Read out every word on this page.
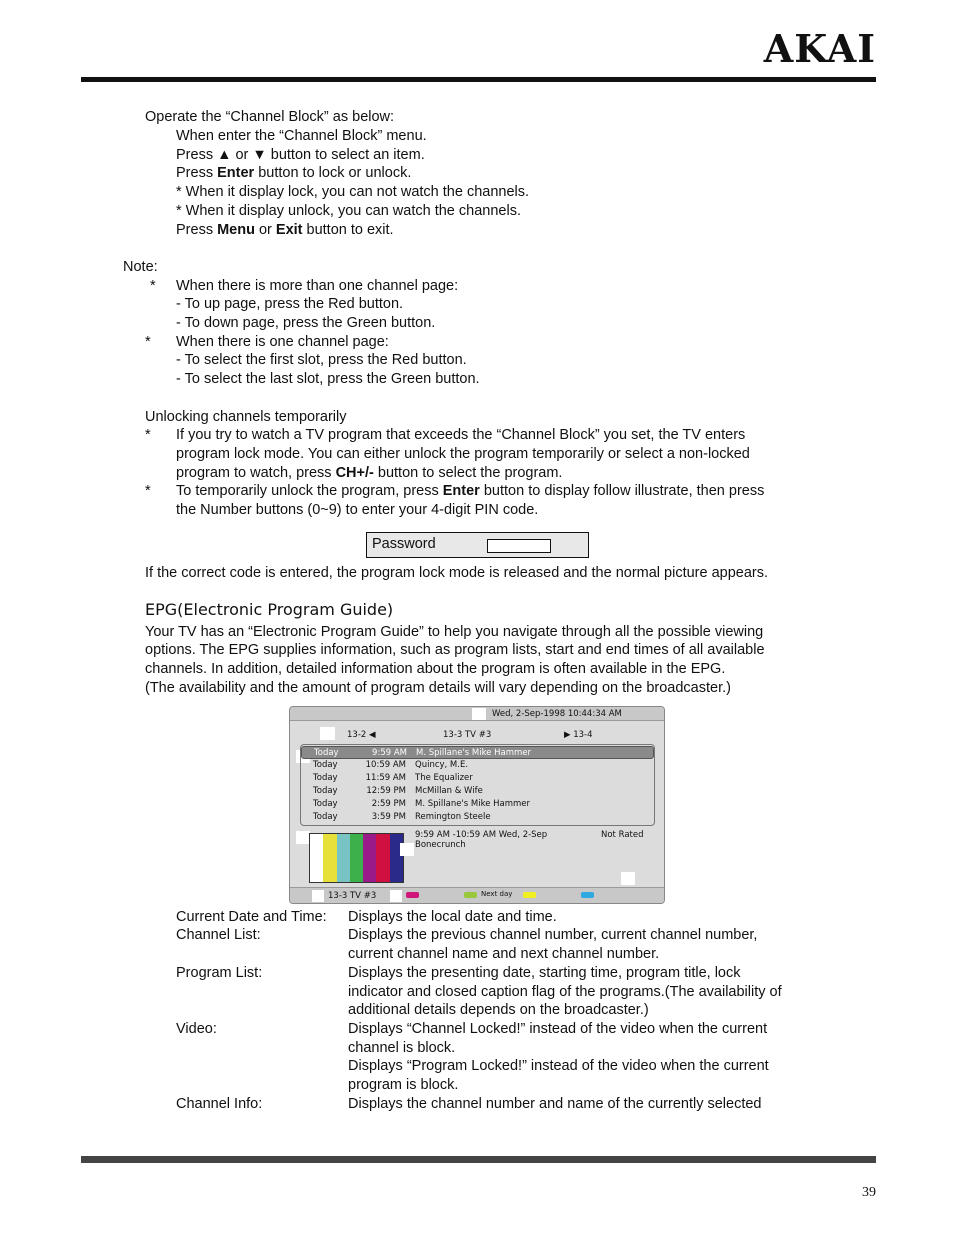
AKAI
Operate the “Channel Block” as below:
When enter the “Channel Block” menu.
Press ▲ or ▼ button to select an item.
Press Enter button to lock or unlock.
* When it display lock, you can not watch the channels.
* When it display unlock, you can watch the channels.
Press Menu or Exit button to exit.
Note:
* When there is more than one channel page:
- To up page, press the Red button.
- To down page, press the Green button.
* When there is one channel page:
- To select the first slot, press the Red button.
- To select the last slot, press the Green button.
Unlocking channels temporarily
* If you try to watch a TV program that exceeds the “Channel Block” you set, the TV enters
program lock mode. You can either unlock the program temporarily or select a non-locked
program to watch, press CH+/- button to select the program.
* To temporarily unlock the program, press Enter button to display follow illustrate, then press
the Number buttons (0~9) to enter your 4-digit PIN code.
Password
If the correct code is entered, the program lock mode is released and the normal picture appears.
EPG(Electronic Program Guide)
Your TV has an “Electronic Program Guide” to help you navigate through all the possible viewing
options. The EPG supplies information, such as program lists, start and end times of all available
channels. In addition, detailed information about the program is often available in the EPG.
(The availability and the amount of program details will vary depending on the broadcaster.)
Wed, 2-Sep-1998 10:44:34 AM
13-2 ◀	13-3 TV #3	▶ 13-4
Today	9:59 AM M. Spillane's Mike Hammer
Today	10:59 AM Quincy, M.E.
Today	11:59 AM The Equalizer
Today	12:59 PM McMillan & Wife
Today	2:59 PM M. Spillane's Mike Hammer
Today	3:59 PM Remington Steele
9:59 AM -10:59 AM Wed, 2-Sep	Not Rated
Bonecrunch
13-3 TV #3	Next day
Current Date and Time: Displays the local date and time.
Channel List:	Displays the previous channel number, current channel number,
current channel name and next channel number.
Program List:	Displays the presenting date, starting time, program title, lock
indicator and closed caption flag of the programs.(The availability of
additional details depends on the broadcaster.)
Video:	Displays “Channel Locked!” instead of the video when the current
channel is block.
Displays “Program Locked!” instead of the video when the current
program is block.
Channel Info:	Displays the channel number and name of the currently selected
39
